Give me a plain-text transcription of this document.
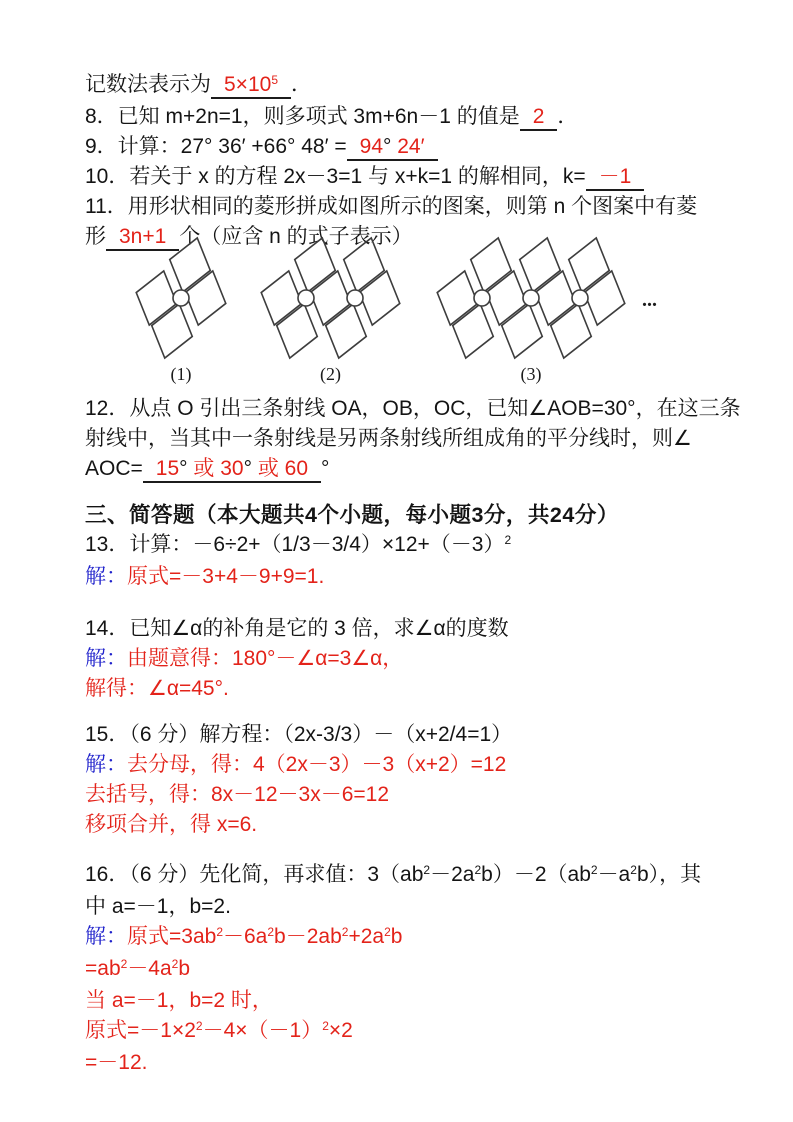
记数法表示为 $5\times 10^5$ ．
8．已知 m+2n=1，则多项式 3m+6n－1 的值是 2 ．
9．计算：27° 36′ +66° 48′ = 94° 24′
10．若关于 x 的方程 2x－3=1 与 x+k=1 的解相同，k= －1
11．用形状相同的菱形拼成如图所示的图案，则第 n 个图案中有菱
形 3n+1 个（应含 n 的式子表示）
(1)	(2)	(3)
...
12．从点 O 引出三条射线 OA，OB，OC，已知∠AOB=30°，在这三条
射线中，当其中一条射线是另两条射线所组成角的平分线时，则∠
AOC= 15° 或 30° 或 60 °
三、简答题（本大题共4个小题，每小题3分，共24分）
13．计算：$-6\div 2+(1/3-3/4)\times 12+(-3)^2$
解：原式=－3+4－9+9=1.
14．已知∠α的补角是它的 3 倍，求∠α的度数
解：由题意得：180°－∠α=3∠α，
解得：∠α=45°.
15．（6 分）解方程：（2x-3/3）－（x+2/4=1）
解：去分母，得：4（2x－3）－3（x+2）=12
去括号，得：8x－12－3x－6=12
移项合并，得 x=6.
16．（6 分）先化简，再求值：$3(ab^2-2a^2b)-2(ab^2-a^2b)$，其
中 a=－1，b=2.
解：原式$=3ab^2-6a^2b-2ab^2+2a^2b$
$=ab^2-4a^2b$
当 a=－1，b=2 时，
原式$=-1\times 2^2-4\times(-1)^2\times 2$
=－12.
